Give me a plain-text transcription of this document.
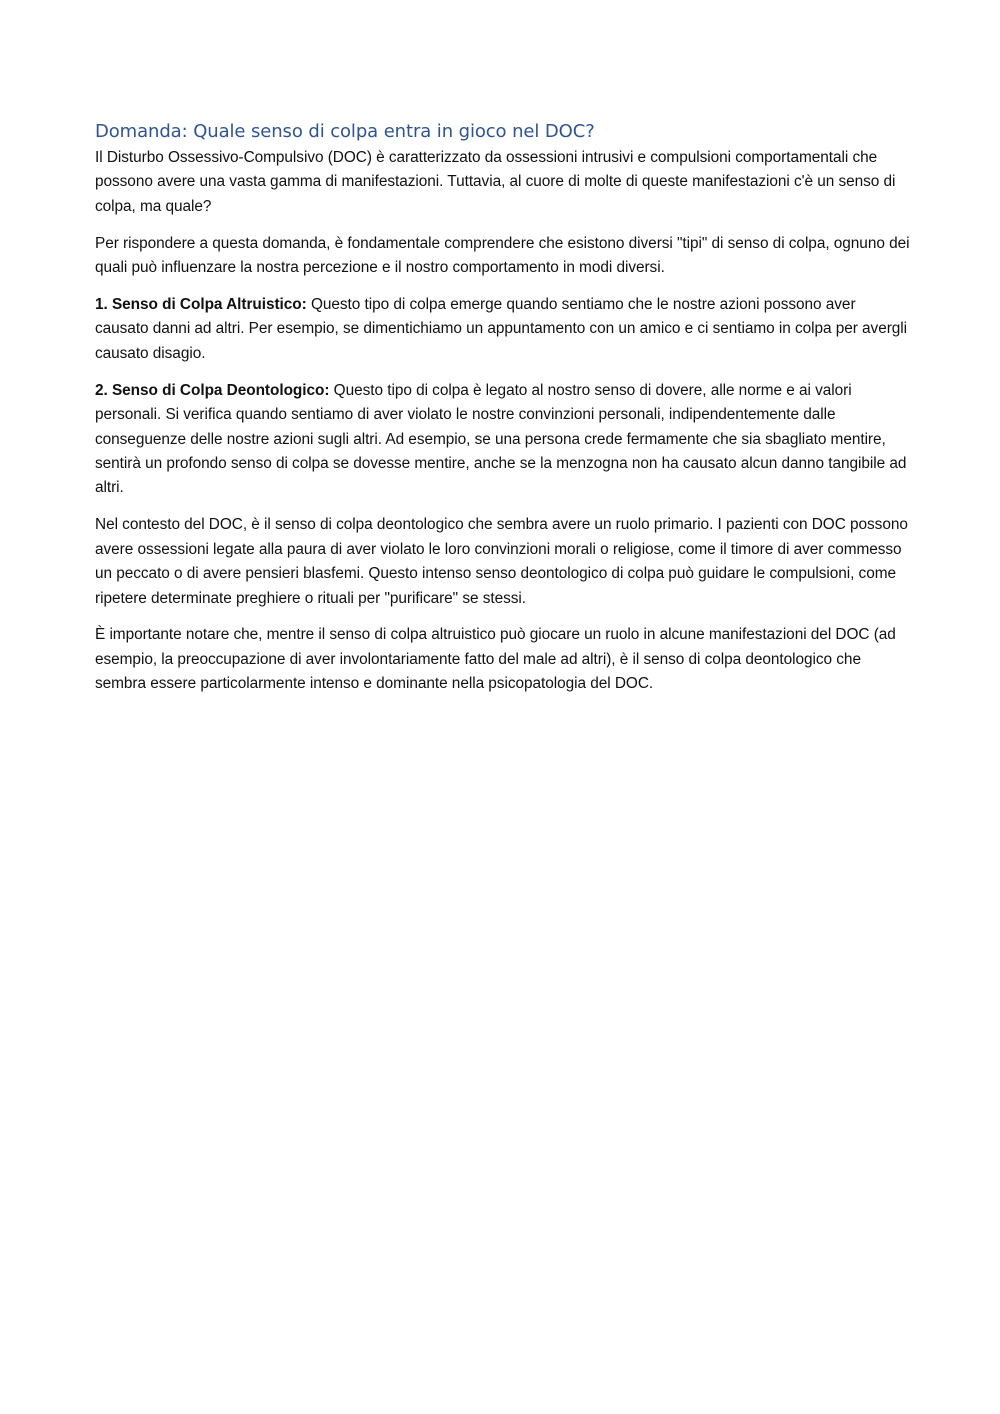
Domanda: Quale senso di colpa entra in gioco nel DOC?

Il Disturbo Ossessivo-Compulsivo (DOC) è caratterizzato da ossessioni intrusivi e compulsioni comportamentali che possono avere una vasta gamma di manifestazioni. Tuttavia, al cuore di molte di queste manifestazioni c'è un senso di colpa, ma quale?

Per rispondere a questa domanda, è fondamentale comprendere che esistono diversi "tipi" di senso di colpa, ognuno dei quali può influenzare la nostra percezione e il nostro comportamento in modi diversi.

1. Senso di Colpa Altruistico: Questo tipo di colpa emerge quando sentiamo che le nostre azioni possono aver causato danni ad altri. Per esempio, se dimentichiamo un appuntamento con un amico e ci sentiamo in colpa per avergli causato disagio.

2. Senso di Colpa Deontologico: Questo tipo di colpa è legato al nostro senso di dovere, alle norme e ai valori personali. Si verifica quando sentiamo di aver violato le nostre convinzioni personali, indipendentemente dalle conseguenze delle nostre azioni sugli altri. Ad esempio, se una persona crede fermamente che sia sbagliato mentire, sentirà un profondo senso di colpa se dovesse mentire, anche se la menzogna non ha causato alcun danno tangibile ad altri.

Nel contesto del DOC, è il senso di colpa deontologico che sembra avere un ruolo primario. I pazienti con DOC possono avere ossessioni legate alla paura di aver violato le loro convinzioni morali o religiose, come il timore di aver commesso un peccato o di avere pensieri blasfemi. Questo intenso senso deontologico di colpa può guidare le compulsioni, come ripetere determinate preghiere o rituali per "purificare" se stessi.

È importante notare che, mentre il senso di colpa altruistico può giocare un ruolo in alcune manifestazioni del DOC (ad esempio, la preoccupazione di aver involontariamente fatto del male ad altri), è il senso di colpa deontologico che sembra essere particolarmente intenso e dominante nella psicopatologia del DOC.
